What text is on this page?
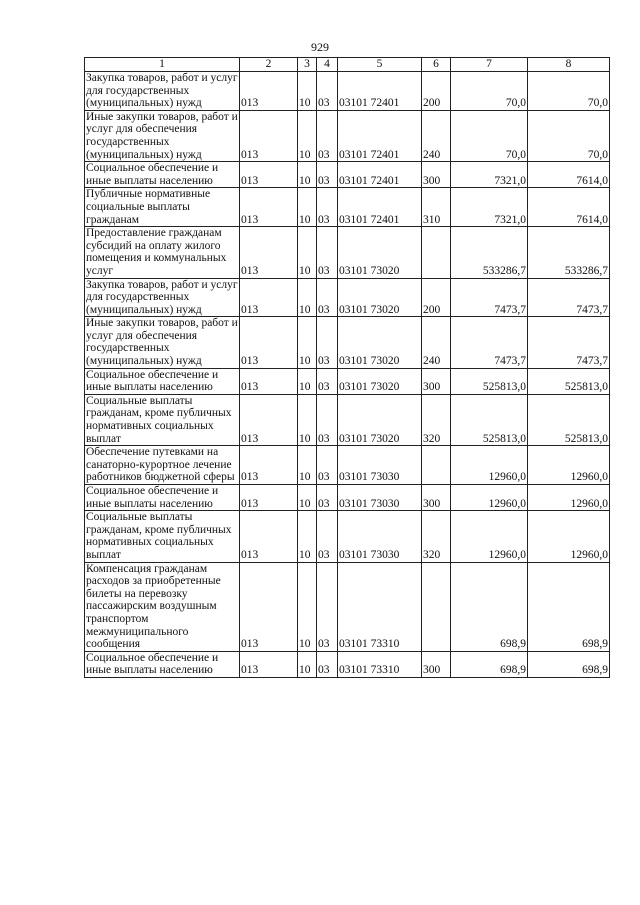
929
1	2	3	4	5	6	7	8
Закупка товаров, работ и услуг для государственных (муниципальных) нужд	013	10	03	03101 72401	200	70,0	70,0
Иные закупки товаров, работ и услуг для обеспечения государственных (муниципальных) нужд	013	10	03	03101 72401	240	70,0	70,0
Социальное обеспечение и иные выплаты населению	013	10	03	03101 72401	300	7321,0	7614,0
Публичные нормативные социальные выплаты гражданам	013	10	03	03101 72401	310	7321,0	7614,0
Предоставление гражданам субсидий на оплату жилого помещения и коммунальных услуг	013	10	03	03101 73020		533286,7	533286,7
Закупка товаров, работ и услуг для государственных (муниципальных) нужд	013	10	03	03101 73020	200	7473,7	7473,7
Иные закупки товаров, работ и услуг для обеспечения государственных (муниципальных) нужд	013	10	03	03101 73020	240	7473,7	7473,7
Социальное обеспечение и иные выплаты населению	013	10	03	03101 73020	300	525813,0	525813,0
Социальные выплаты гражданам, кроме публичных нормативных социальных выплат	013	10	03	03101 73020	320	525813,0	525813,0
Обеспечение путевками на санаторно-курортное лечение работников бюджетной сферы	013	10	03	03101 73030		12960,0	12960,0
Социальное обеспечение и иные выплаты населению	013	10	03	03101 73030	300	12960,0	12960,0
Социальные выплаты гражданам, кроме публичных нормативных социальных выплат	013	10	03	03101 73030	320	12960,0	12960,0
Компенсация гражданам расходов за приобретенные билеты на перевозку пассажирским воздушным транспортом межмуниципального сообщения	013	10	03	03101 73310		698,9	698,9
Социальное обеспечение и иные выплаты населению	013	10	03	03101 73310	300	698,9	698,9
